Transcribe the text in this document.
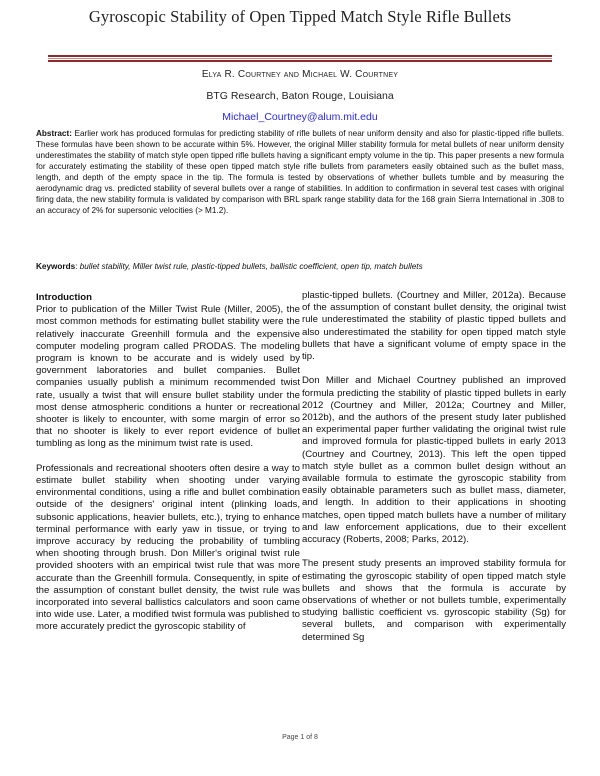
Gyroscopic Stability of Open Tipped Match Style Rifle Bullets
Elya R. Courtney and Michael W. Courtney
BTG Research, Baton Rouge, Louisiana
Michael_Courtney@alum.mit.edu
Abstract: Earlier work has produced formulas for predicting stability of rifle bullets of near uniform density and also for plastic-tipped rifle bullets. These formulas have been shown to be accurate within 5%. However, the original Miller stability formula for metal bullets of near uniform density underestimates the stability of match style open tipped rifle bullets having a significant empty volume in the tip. This paper presents a new formula for accurately estimating the stability of these open tipped match style rifle bullets from parameters easily obtained such as the bullet mass, length, and depth of the empty space in the tip. The formula is tested by observations of whether bullets tumble and by measuring the aerodynamic drag vs. predicted stability of several bullets over a range of stabilities. In addition to confirmation in several test cases with original firing data, the new stability formula is validated by comparison with BRL spark range stability data for the 168 grain Sierra International in .308 to an accuracy of 2% for supersonic velocities (> M1.2).
Keywords: bullet stability, Miller twist rule, plastic-tipped bullets, ballistic coefficient, open tip, match bullets
Introduction

Prior to publication of the Miller Twist Rule (Miller, 2005), the most common methods for estimating bullet stability were the relatively inaccurate Greenhill formula and the expensive computer modeling program called PRODAS. The modeling program is known to be accurate and is widely used by government laboratories and bullet companies. Bullet companies usually publish a minimum recommended twist rate, usually a twist that will ensure bullet stability under the most dense atmospheric conditions a hunter or recreational shooter is likely to encounter, with some margin of error so that no shooter is likely to ever report evidence of bullet tumbling as long as the minimum twist rate is used.

Professionals and recreational shooters often desire a way to estimate bullet stability when shooting under varying environmental conditions, using a rifle and bullet combination outside of the designers' original intent (plinking loads, subsonic applications, heavier bullets, etc.), trying to enhance terminal performance with early yaw in tissue, or trying to improve accuracy by reducing the probability of tumbling when shooting through brush. Don Miller's original twist rule provided shooters with an empirical twist rule that was more accurate than the Greenhill formula. Consequently, in spite of the assumption of constant bullet density, the twist rule was incorporated into several ballistics calculators and soon came into wide use. Later, a modified twist formula was published to more accurately predict the gyroscopic stability of

plastic-tipped bullets. (Courtney and Miller, 2012a). Because of the assumption of constant bullet density, the original twist rule underestimated the stability of plastic tipped bullets and also underestimated the stability for open tipped match style bullets that have a significant volume of empty space in the tip.

Don Miller and Michael Courtney published an improved formula predicting the stability of plastic tipped bullets in early 2012 (Courtney and Miller, 2012a; Courtney and Miller, 2012b), and the authors of the present study later published an experimental paper further validating the original twist rule and improved formula for plastic-tipped bullets in early 2013 (Courtney and Courtney, 2013). This left the open tipped match style bullet as a common bullet design without an available formula to estimate the gyroscopic stability from easily obtainable parameters such as bullet mass, diameter, and length. In addition to their applications in shooting matches, open tipped match bullets have a number of military and law enforcement applications, due to their excellent accuracy (Roberts, 2008; Parks, 2012).

The present study presents an improved stability formula for estimating the gyroscopic stability of open tipped match style bullets and shows that the formula is accurate by observations of whether or not bullets tumble, experimentally studying ballistic coefficient vs. gyroscopic stability (Sg) for several bullets, and comparison with experimentally determined Sg

Page 1 of 8
